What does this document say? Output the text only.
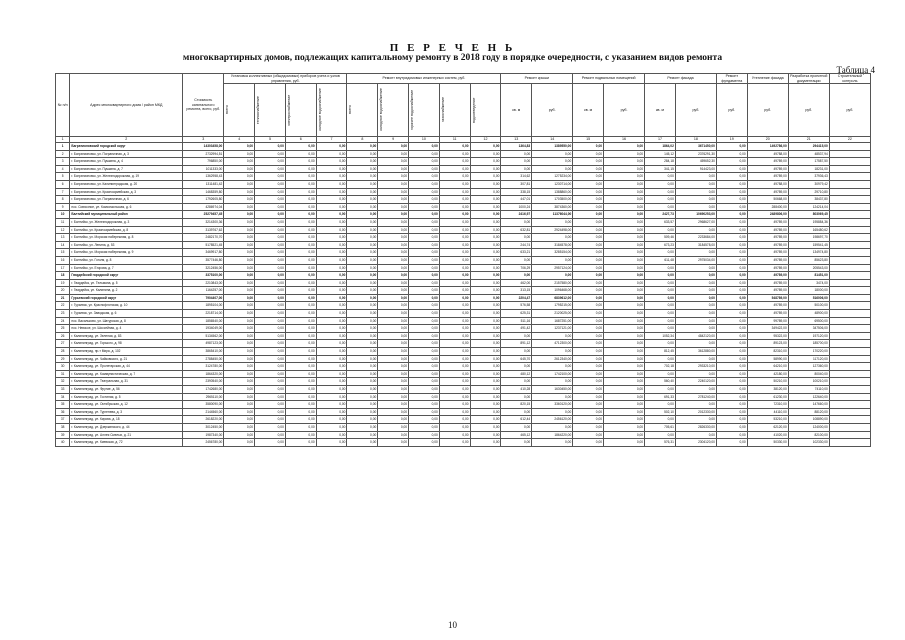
П Е Р Е Ч Е Н Ь
многоквартирных домов, подлежащих капитальному ремонту в 2018 году в порядке очередности, с указанием видов ремонта
Таблица 4
№ п/п	Адрес многоквартирного дома / район МКД	Стоимость капитального ремонта, всего, руб.	Установка коллективных (общедомовых) приборов учета и узлов управления, руб.				Ремонт внутридомовых инженерных систем, руб.					Ремонт крыши		Ремонт подвальных помещений		Ремонт фасада		Ремонт фундамента	Утепление фасада	Разработка проектной документации	Строительный контроль

			всего	теплоснабжение	электроснабжение	холодное водоснабжение	всего	холодное водоснабжение	горячее водоснабжение	газоснабжение	водоотведение	кв. м	руб.	кв. м	руб.	кв. м	руб.	руб.	руб.	руб.	руб.

1	2	3	4	5	6	7	8	9	10	11	12	13	14	15	16	17	18	19	20	21	22
1	Багратионовский городской округ	14303458,00	0,00	0,00	0,00	0,00	0,00	0,00	0,00	0,00	0,00	1364,83	1389550,00	0,00	0,00	1864,02	3671450,00	0,00	1492786,00	294415,00	
2	г. Багратионовск, ул. Пограничная, д. 3	2732994,51	0,00	0,00	0,00	0,00	0,00	0,00	0,00	0,00	0,00	0,00	0,00	0,00	0,00	145,12	2376291,30	0,00	49788,00	48537,94	
3	г. Багратионовск, ул. Пушкина, д. 4	796850,00	0,00	0,00	0,00	0,00	0,00	0,00	0,00	0,00	0,00	0,00	0,00	0,00	0,00	284,18	459652,30	0,00	49789,00	17587,50	
4	г. Багратионовск, ул. Пушкина, д. 7	1011333,00	0,00	0,00	0,00	0,00	0,00	0,00	0,00	0,00	0,00	0,00	0,00	0,00	0,00	341,15	914423,00	0,00	49789,00	18231,00	
5	г. Багратионовск, ул. Железнодорожная, д. 19	1362958,43	0,00	0,00	0,00	0,00	0,00	0,00	0,00	0,00	0,00	314,62	1275234,00	0,00	0,00	0,00	0,00	0,00	49789,00	37936,43	
6	г. Багратионовск, ул. Калининградская, д. 20	1311481,42	0,00	0,00	0,00	0,00	0,00	0,00	0,00	0,00	0,00	307,81	1230714,00	0,00	0,00	0,00	0,00	0,00	49788,00	30979,42	
7	г. Багратионовск, ул. Красноармейская, д. 3	1468359,80	0,00	0,00	0,00	0,00	0,00	0,00	0,00	0,00	0,00	338,15	1388860,00	0,00	0,00	0,00	0,00	0,00	49789,00	29710,80	
8	г. Багратионовск, ул. Пограничная, д. 6	1792605,80	0,00	0,00	0,00	0,00	0,00	0,00	0,00	0,00	0,00	447,01	1703500,00	0,00	0,00	0,00	0,00	0,00	50668,00	38437,80	
9	пос. Совхозное, ул. Комсомольская, д. 6	4286974,04	0,00	0,00	0,00	0,00	0,00	0,00	0,00	0,00	0,00	1000,24	3874360,00	0,00	0,00	0,00	0,00	0,00	288400,00	124214,04	
10	Балтийский муниципальный район	25279457,45	0,00	0,00	0,00	0,00	0,00	0,00	0,00	0,00	0,00	2416,97	11376044,00	0,00	0,00	2427,73	10690253,00	0,00	2489806,00	803069,45	
11	г. Балтийск, ул. Железнодорожная, д. 3	3214300,36	0,00	0,00	0,00	0,00	0,00	0,00	0,00	0,00	0,00	0,00	0,00	0,00	0,00	633,57	2968627,00	0,00	49789,00	195884,36	
12	г. Балтийск, ул. Красноармейская, д. 8	3139767,62	0,00	0,00	0,00	0,00	0,00	0,00	0,00	0,00	0,00	632,81	2924498,00	0,00	0,00	0,00	0,00	0,00	49789,00	165480,62	
13	г. Балтийск, ул. Морская набережная, д. 8	2482170,70	0,00	0,00	0,00	0,00	0,00	0,00	0,00	0,00	0,00	0,00	0,00	0,00	0,00	509,46	2233684,00	0,00	49789,00	198697,70	
14	г. Балтийск, ул. Ленина, д. 53	5178521,45	0,00	0,00	0,00	0,00	0,00	0,00	0,00	0,00	0,00	244,74	3184578,00	0,00	0,00	673,23	3184578,00	0,00	49789,00	159541,45	
15	г. Балтийск, ул. Морская набережная, д. 9	3469917,80	0,00	0,00	0,00	0,00	0,00	0,00	0,00	0,00	0,00	633,21	3285154,00	0,00	0,00	0,00	0,00	0,00	49789,00	134974,80	
16	г. Балтийск, ул. Гоголя, д. 8	3577446,80	0,00	0,00	0,00	0,00	0,00	0,00	0,00	0,00	0,00	0,00	0,00	0,00	0,00	611,48	2975034,00	0,00	49789,00	85623,80	
17	г. Балтийск, ул. Егорова, д. 7	3212456,00	0,00	0,00	0,00	0,00	0,00	0,00	0,00	0,00	0,00	706,29	2957124,00	0,00	0,00	0,00	0,00	0,00	49789,00	205543,00	
18	Гвардейский городской округ	3375100,00	0,00	0,00	0,00	0,00	0,00	0,00	0,00	0,00	0,00	0,00	0,00	0,00	0,00	0,00	0,00	0,00	49789,00	81451,00	
19	г. Гвардейск, ул. Тельмана, д. 5	2210843,00	0,00	0,00	0,00	0,00	0,00	0,00	0,00	0,00	0,00	462,00	2157580,00	0,00	0,00	0,00	0,00	0,00	49789,00	3474,00	
20	г. Гвардейск, ул. Калинина, д. 2	1164257,00	0,00	0,00	0,00	0,00	0,00	0,00	0,00	0,00	0,00	313,15	1096468,00	0,00	0,00	0,00	0,00	0,00	49789,00	18000,00	
21	Гурьевский городской округ	7904407,00	0,00	0,00	0,00	0,00	0,00	0,00	0,00	0,00	0,00	2204,47	6839612,00	0,00	0,00	0,00	0,00	0,00	548789,00	516006,00	
22	г. Гурьевск, ул. Краснофлотская, д. 10	1895104,00	0,00	0,00	0,00	0,00	0,00	0,00	0,00	0,00	0,00	576,58	1795215,00	0,00	0,00	0,00	0,00	0,00	49789,00	50100,00	
23	г. Гурьевск, ул. Заводская, д. 6	2218714,00	0,00	0,00	0,00	0,00	0,00	0,00	0,00	0,00	0,00	625,31	2120025,00	0,00	0,00	0,00	0,00	0,00	49789,00	48900,00	
24	пос. Васильково, ул. Шатурская, д. 8	1856540,00	0,00	0,00	0,00	0,00	0,00	0,00	0,00	0,00	0,00	511,16	1687251,00	0,00	0,00	0,00	0,00	0,00	99789,00	69500,00	
25	пос. Невское, ул. Шоссейная, д. 4	1934049,00	0,00	0,00	0,00	0,00	0,00	0,00	0,00	0,00	0,00	491,42	1237121,00	0,00	0,00	0,00	0,00	0,00	349422,00	347506,00	
26	г. Калининград, ул. Зеленая, д. 83	5134562,00	0,00	0,00	0,00	0,00	0,00	0,00	0,00	0,00	0,00	0,00	0,00	0,00	0,00	1052,34	4842120,00	0,00	95322,00	197120,00	
27	г. Калининград, ул. Горького, д. 98	4987123,00	0,00	0,00	0,00	0,00	0,00	0,00	0,00	0,00	0,00	891,12	4712300,00	0,00	0,00	0,00	0,00	0,00	89123,00	185700,00	
28	г. Калининград, пр-т Мира, д. 102	3865410,00	0,00	0,00	0,00	0,00	0,00	0,00	0,00	0,00	0,00	0,00	0,00	0,00	0,00	812,45	3612880,00	0,00	82310,00	170220,00	
29	г. Калининград, ул. Чайковского, д. 21	2788450,00	0,00	0,00	0,00	0,00	0,00	0,00	0,00	0,00	0,00	645,70	2612340,00	0,00	0,00	0,00	0,00	0,00	58990,00	117120,00	
30	г. Калининград, ул. Пролетарская, д. 44	3124780,00	0,00	0,00	0,00	0,00	0,00	0,00	0,00	0,00	0,00	0,00	0,00	0,00	0,00	702,18	2933210,00	0,00	64210,00	127360,00	
31	г. Калининград, ул. Коммунистическая, д. 7	1864320,00	0,00	0,00	0,00	0,00	0,00	0,00	0,00	0,00	0,00	480,12	1742100,00	0,00	0,00	0,00	0,00	0,00	42180,00	80040,00	
32	г. Калининград, ул. Театральная, д. 31	2390540,00	0,00	0,00	0,00	0,00	0,00	0,00	0,00	0,00	0,00	0,00	0,00	0,00	0,00	560,40	2240120,00	0,00	50210,00	100210,00	
33	г. Калининград, ул. Фрунзе, д. 56	1742680,00	0,00	0,00	0,00	0,00	0,00	0,00	0,00	0,00	0,00	410,28	1630450,00	0,00	0,00	0,00	0,00	0,00	38120,00	74110,00	
34	г. Калининград, ул. Гостиная, д. 5	2965110,00	0,00	0,00	0,00	0,00	0,00	0,00	0,00	0,00	0,00	0,00	0,00	0,00	0,00	691,33	2781240,00	0,00	61230,00	122640,00	
35	г. Калининград, ул. Октябрьская, д. 12	3580090,00	0,00	0,00	0,00	0,00	0,00	0,00	0,00	0,00	0,00	820,15	3360120,00	0,00	0,00	0,00	0,00	0,00	72310,00	147660,00	
36	г. Калининград, ул. Тургенева, д. 3	2144560,00	0,00	0,00	0,00	0,00	0,00	0,00	0,00	0,00	0,00	0,00	0,00	0,00	0,00	502,10	2012330,00	0,00	44110,00	88120,00	
37	г. Калининград, ул. Кирова, д. 18	2618220,00	0,00	0,00	0,00	0,00	0,00	0,00	0,00	0,00	0,00	612,44	2456120,00	0,00	0,00	0,00	0,00	0,00	53210,00	108890,00	
38	г. Калининград, ул. Дзержинского, д. 44	3012450,00	0,00	0,00	0,00	0,00	0,00	0,00	0,00	0,00	0,00	0,00	0,00	0,00	0,00	705,61	2826330,00	0,00	62120,00	124000,00	
39	г. Калининград, ул. Аллея Смелых, д. 21	1987340,00	0,00	0,00	0,00	0,00	0,00	0,00	0,00	0,00	0,00	465,12	1864220,00	0,00	0,00	0,00	0,00	0,00	41020,00	82100,00	
40	г. Калининград, ул. Киевская, д. 72	2456780,00	0,00	0,00	0,00	0,00	0,00	0,00	0,00	0,00	0,00	0,00	0,00	0,00	0,00	576,31	2304120,00	0,00	50330,00	102330,00	
10
